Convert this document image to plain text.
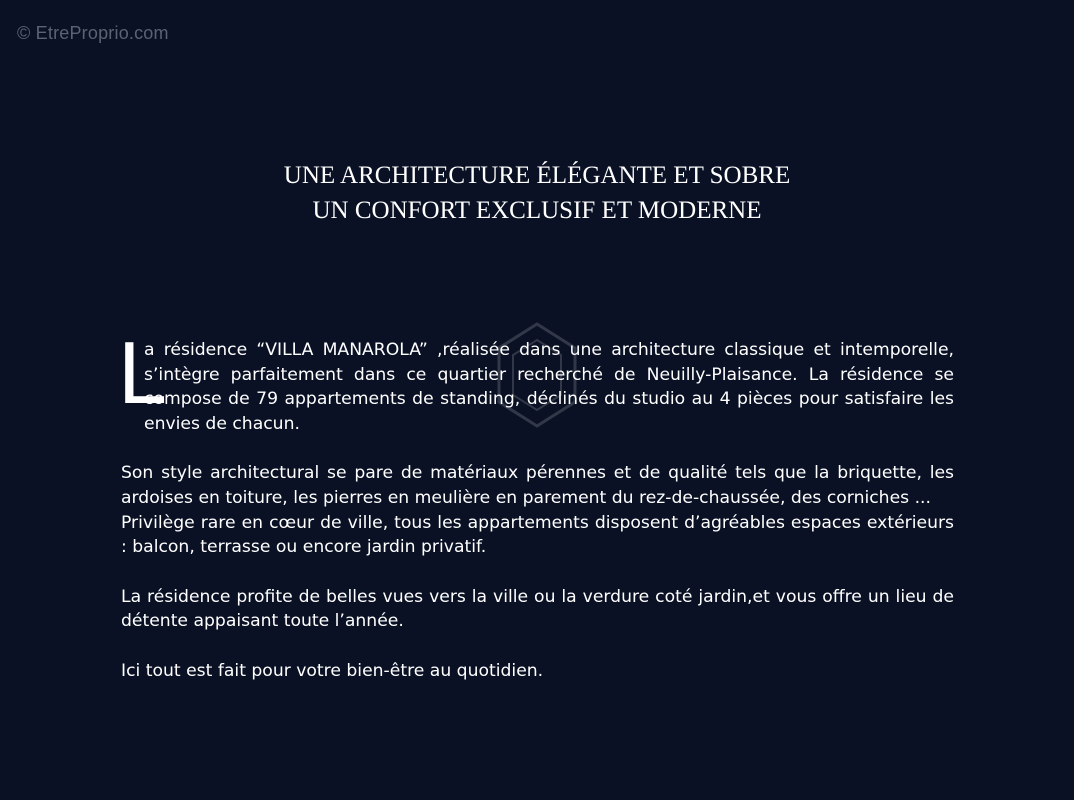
© EtreProprio.com
UNE ARCHITECTURE ÉLÉGANTE ET SOBRE
UN CONFORT EXCLUSIF ET MODERNE
L
a résidence “VILLA MANAROLA” ,réalisée dans une architecture classique et intemporelle, s’intègre parfaitement dans ce quartier recherché de Neuilly-Plaisance. La résidence se compose de 79 appartements de standing, déclinés du studio au 4 pièces pour satisfaire les envies de chacun.
Son style architectural se pare de matériaux pérennes et de qualité tels que la briquette, les ardoises en toiture, les pierres en meulière en parement du rez-de-chaussée, des corniches ...
Privilège rare en cœur de ville, tous les appartements disposent d’agréables espaces extérieurs : balcon, terrasse ou encore jardin privatif.
La résidence profite de belles vues vers la ville ou la verdure coté jardin,et vous offre un lieu de détente appaisant toute l’année.
Ici tout est fait pour votre bien-être au quotidien.
